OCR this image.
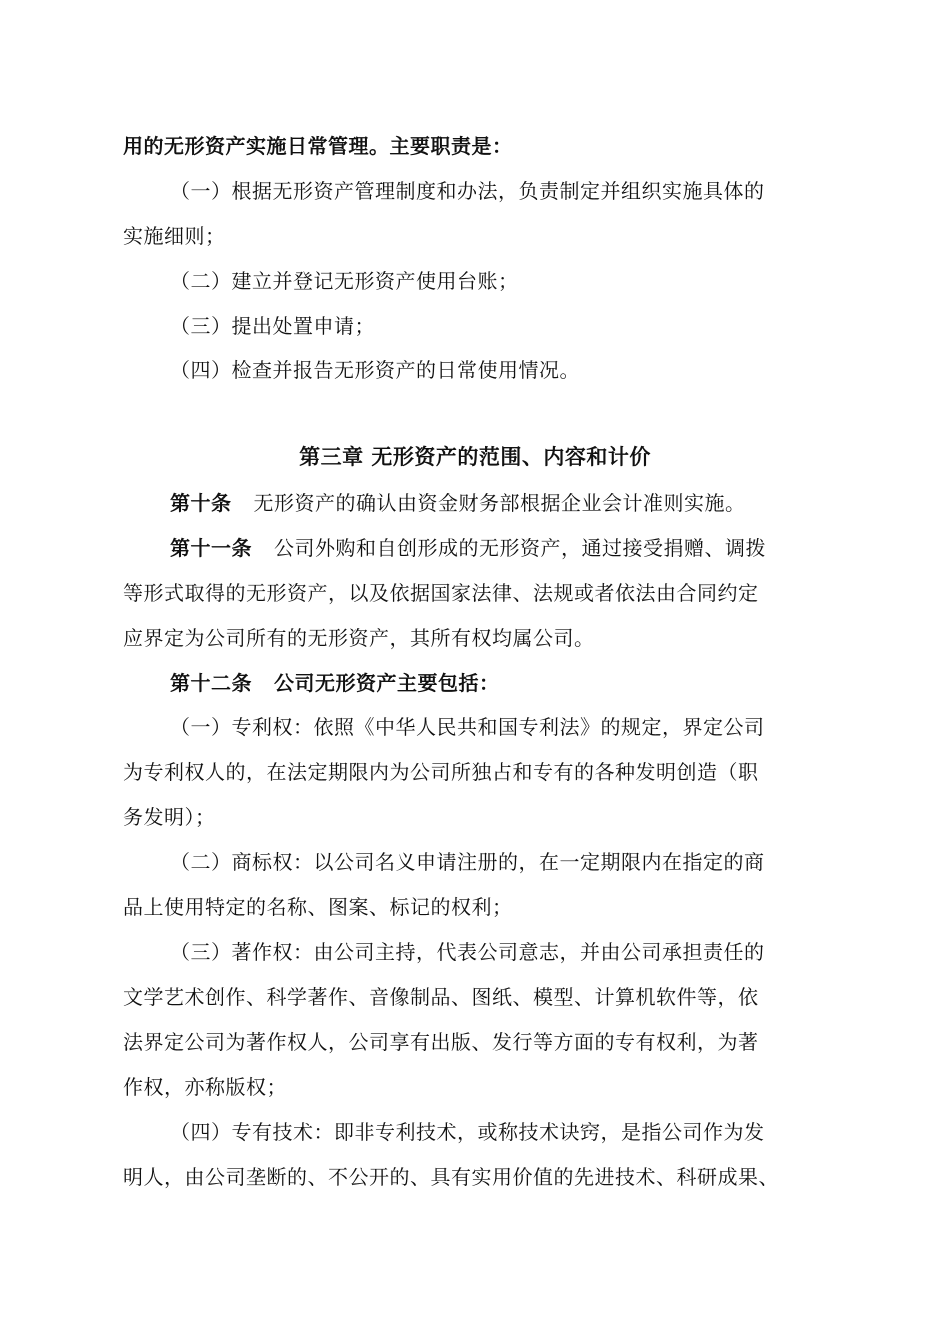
用的无形资产实施日常管理。主要职责是：
（一）根据无形资产管理制度和办法，负责制定并组织实施具体的
实施细则；
（二）建立并登记无形资产使用台账；
（三）提出处置申请；
（四）检查并报告无形资产的日常使用情况。
第三章 无形资产的范围、内容和计价
第十条 无形资产的确认由资金财务部根据企业会计准则实施。
第十一条 公司外购和自创形成的无形资产，通过接受捐赠、调拨
等形式取得的无形资产，以及依据国家法律、法规或者依法由合同约定
应界定为公司所有的无形资产，其所有权均属公司。
第十二条 公司无形资产主要包括：
（一）专利权：依照《中华人民共和国专利法》的规定，界定公司
为专利权人的，在法定期限内为公司所独占和专有的各种发明创造（职
务发明）；
（二）商标权：以公司名义申请注册的，在一定期限内在指定的商
品上使用特定的名称、图案、标记的权利；
（三）著作权：由公司主持，代表公司意志，并由公司承担责任的
文学艺术创作、科学著作、音像制品、图纸、模型、计算机软件等，依
法界定公司为著作权人，公司享有出版、发行等方面的专有权利，为著
作权，亦称版权；
（四）专有技术：即非专利技术，或称技术诀窍，是指公司作为发
明人，由公司垄断的、不公开的、具有实用价值的先进技术、科研成果、
